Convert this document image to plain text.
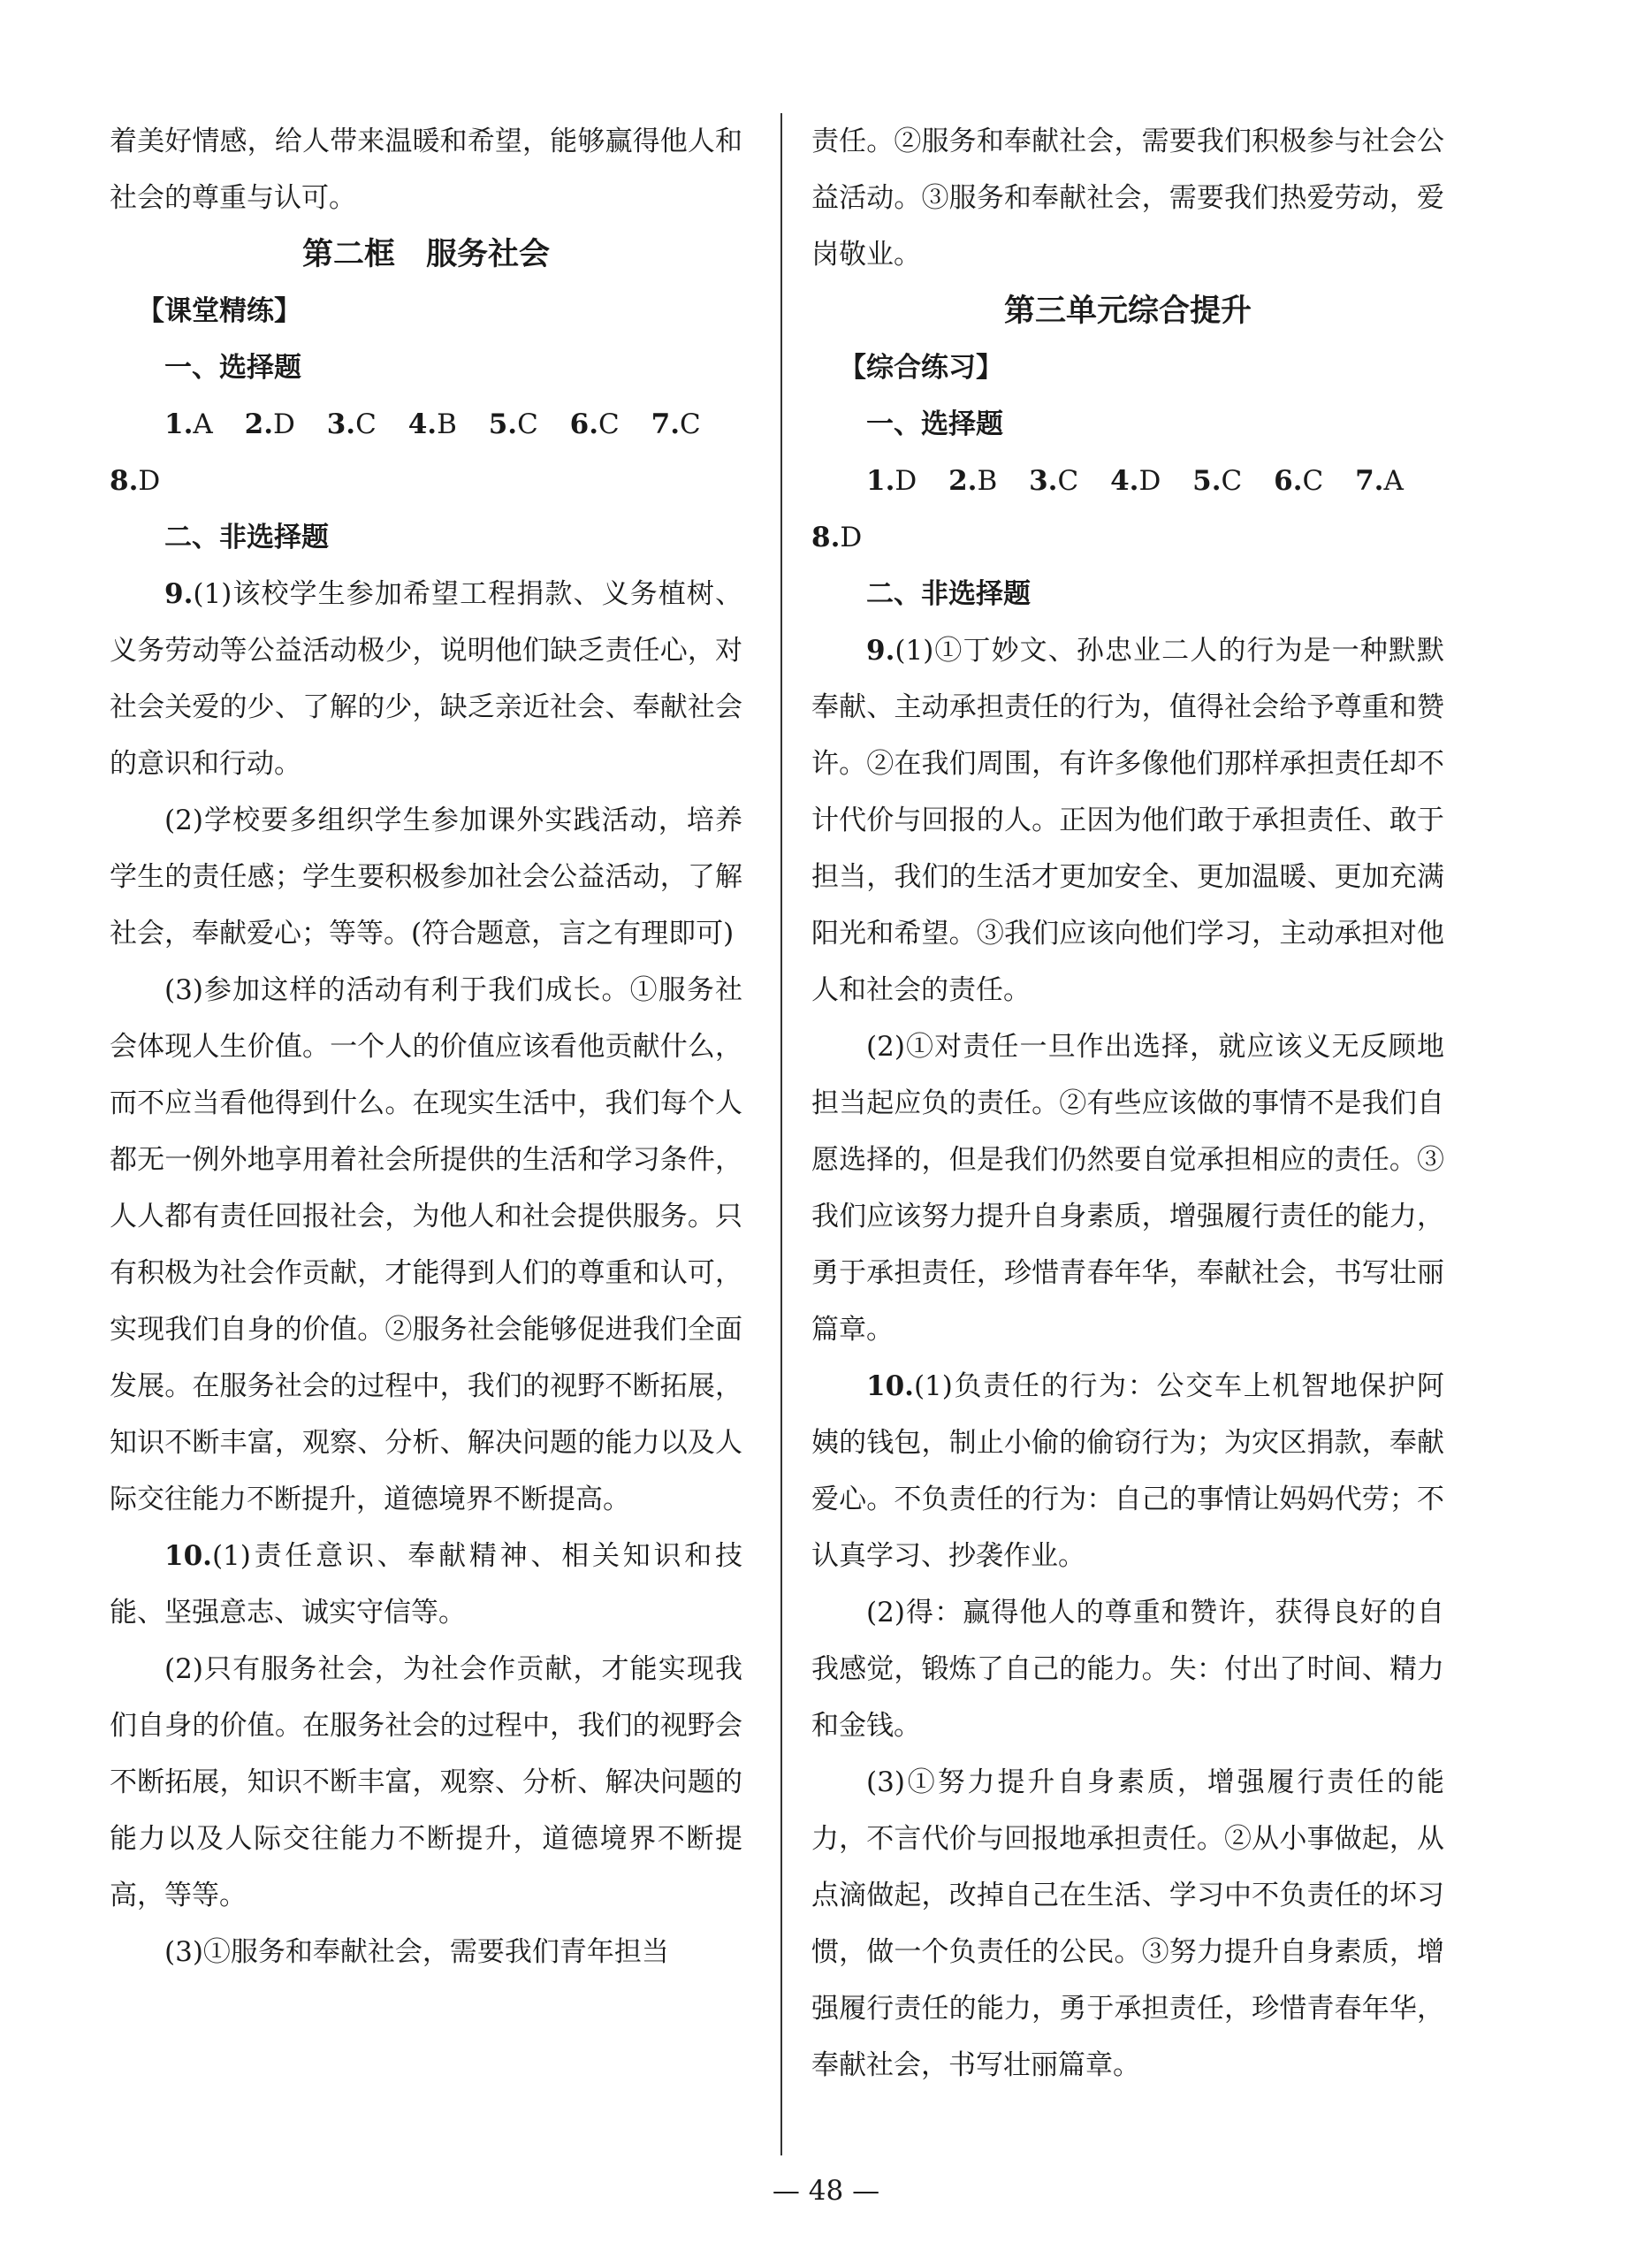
着美好情感，给人带来温暖和希望，能够赢得他人和社会的尊重与认可。

第二框　服务社会

【课堂精练】

一、选择题

1.A 2.D 3.C 4.B 5.C 6.C 7.C

8.D

二、非选择题

9.(1)该校学生参加希望工程捐款、义务植树、义务劳动等公益活动极少，说明他们缺乏责任心，对社会关爱的少、了解的少，缺乏亲近社会、奉献社会的意识和行动。

(2)学校要多组织学生参加课外实践活动，培养学生的责任感；学生要积极参加社会公益活动，了解社会，奉献爱心；等等。(符合题意，言之有理即可)

(3)参加这样的活动有利于我们成长。①服务社会体现人生价值。一个人的价值应该看他贡献什么，而不应当看他得到什么。在现实生活中，我们每个人都无一例外地享用着社会所提供的生活和学习条件，人人都有责任回报社会，为他人和社会提供服务。只有积极为社会作贡献，才能得到人们的尊重和认可，实现我们自身的价值。②服务社会能够促进我们全面发展。在服务社会的过程中，我们的视野不断拓展，知识不断丰富，观察、分析、解决问题的能力以及人际交往能力不断提升，道德境界不断提高。

10.(1)责任意识、奉献精神、相关知识和技能、坚强意志、诚实守信等。

(2)只有服务社会，为社会作贡献，才能实现我们自身的价值。在服务社会的过程中，我们的视野会不断拓展，知识不断丰富，观察、分析、解决问题的能力以及人际交往能力不断提升，道德境界不断提高，等等。

(3)①服务和奉献社会，需要我们青年担当

责任。②服务和奉献社会，需要我们积极参与社会公益活动。③服务和奉献社会，需要我们热爱劳动，爱岗敬业。

第三单元综合提升

【综合练习】

一、选择题

1.D 2.B 3.C 4.D 5.C 6.C 7.A

8.D

二、非选择题

9.(1)①丁妙文、孙忠业二人的行为是一种默默奉献、主动承担责任的行为，值得社会给予尊重和赞许。②在我们周围，有许多像他们那样承担责任却不计代价与回报的人。正因为他们敢于承担责任、敢于担当，我们的生活才更加安全、更加温暖、更加充满阳光和希望。③我们应该向他们学习，主动承担对他人和社会的责任。

(2)①对责任一旦作出选择，就应该义无反顾地担当起应负的责任。②有些应该做的事情不是我们自愿选择的，但是我们仍然要自觉承担相应的责任。③我们应该努力提升自身素质，增强履行责任的能力，勇于承担责任，珍惜青春年华，奉献社会，书写壮丽篇章。

10.(1)负责任的行为：公交车上机智地保护阿姨的钱包，制止小偷的偷窃行为；为灾区捐款，奉献爱心。不负责任的行为：自己的事情让妈妈代劳；不认真学习、抄袭作业。

(2)得：赢得他人的尊重和赞许，获得良好的自我感觉，锻炼了自己的能力。失：付出了时间、精力和金钱。

(3)①努力提升自身素质，增强履行责任的能力，不言代价与回报地承担责任。②从小事做起，从点滴做起，改掉自己在生活、学习中不负责任的坏习惯，做一个负责任的公民。③努力提升自身素质，增强履行责任的能力，勇于承担责任，珍惜青春年华，奉献社会，书写壮丽篇章。

— 48 —
